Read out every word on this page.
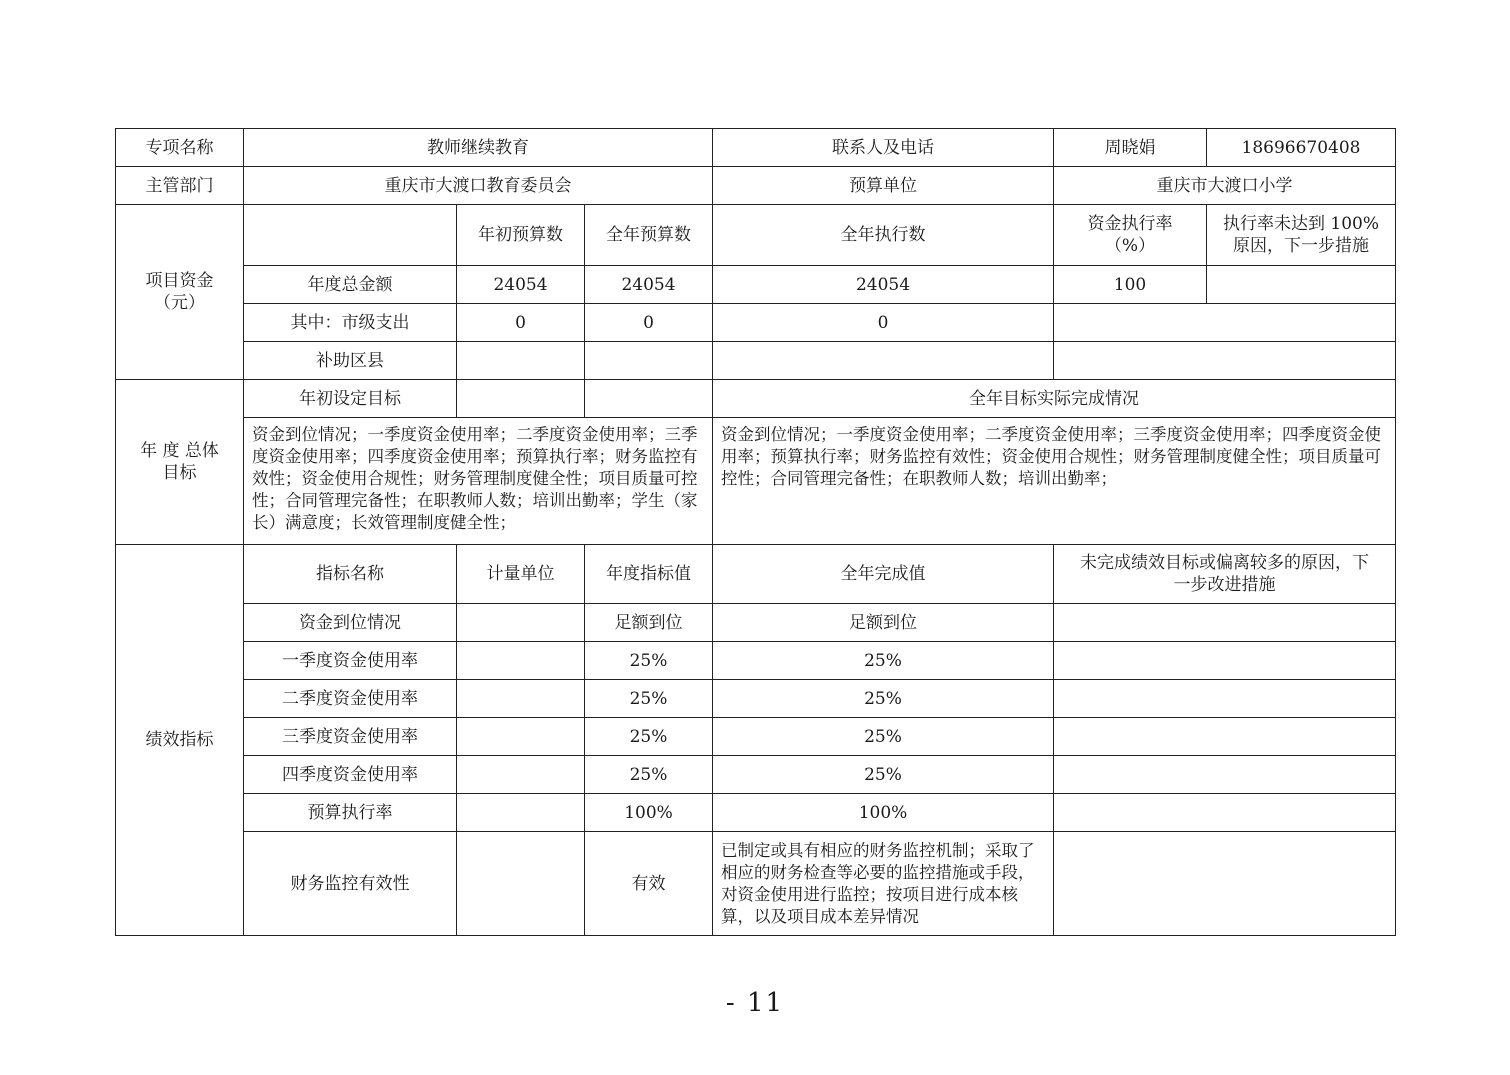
专项名称	教师继续教育			联系人及电话	周晓娟	18696670408
主管部门	重庆市大渡口教育委员会			预算单位	重庆市大渡口小学	
项目资金（元）		年初预算数	全年预算数	全年执行数	资金执行率（%）	执行率未达到 100%原因，下一步措施
	年度总金额	24054	24054	24054	100	
	其中：市级支出	0	0	0		
	补助区县					
年 度 总体目标	年初设定目标			全年目标实际完成情况		
	资金到位情况；一季度资金使用率；二季度资金使用率；三季度资金使用率；四季度资金使用率；预算执行率；财务监控有效性；资金使用合规性；财务管理制度健全性；项目质量可控性；合同管理完备性；在职教师人数；培训出勤率；学生（家长）满意度；长效管理制度健全性；			资金到位情况；一季度资金使用率；二季度资金使用率；三季度资金使用率；四季度资金使用率；预算执行率；财务监控有效性；资金使用合规性；财务管理制度健全性；项目质量可控性；合同管理完备性；在职教师人数；培训出勤率；		
绩效指标	指标名称	计量单位	年度指标值	全年完成值	未完成绩效目标或偏离较多的原因，下一步改进措施	
	资金到位情况		足额到位	足额到位		
	一季度资金使用率		25%	25%		
	二季度资金使用率		25%	25%		
	三季度资金使用率		25%	25%		
	四季度资金使用率		25%	25%		
	预算执行率		100%	100%		
	财务监控有效性		有效	已制定或具有相应的财务监控机制；采取了相应的财务检查等必要的监控措施或手段，对资金使用进行监控；按项目进行成本核算，以及项目成本差异情况		
- 11
